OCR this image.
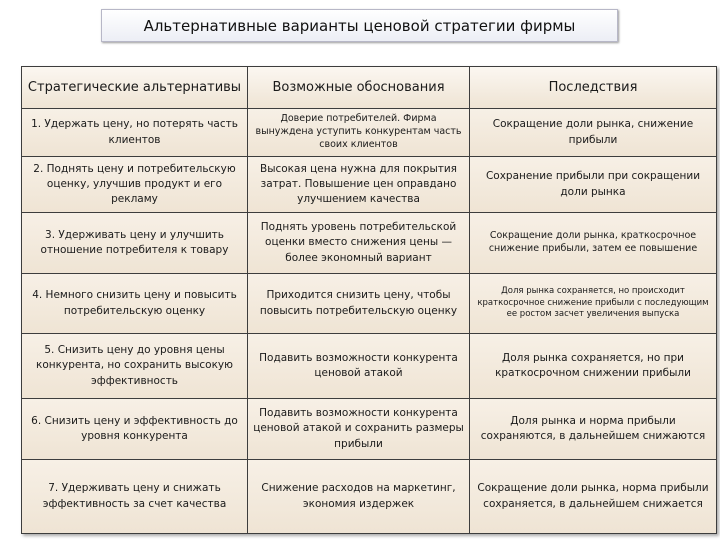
Альтернативные варианты ценовой стратегии фирмы
Стратегические альтернативы	Возможные обоснования	Последствия
1. Удержать цену, но потерять часть клиентов
Доверие потребителей. Фирма вынуждена уступить конкурентам часть своих клиентов
Сокращение доли рынка, снижение прибыли
2. Поднять цену и потребительскую оценку, улучшив продукт и его рекламу
Высокая цена нужна для покрытия затрат. Повышение цен оправдано улучшением качества
Сохранение прибыли при сокращении доли рынка
3. Удерживать цену и улучшить отношение потребителя к товару
Поднять уровень потребительской оценки вместо снижения цены — более экономный вариант
Сокращение доли рынка, краткосрочное снижение прибыли, затем ее повышение
4. Немного снизить цену и повысить потребительскую оценку
Приходится снизить цену, чтобы повысить потребительскую оценку
Доля рынка сохраняется, но происходит краткосрочное снижение прибыли с последующим ее ростом засчет увеличения выпуска
5. Снизить цену до уровня цены конкурента, но сохранить высокую эффективность
Подавить возможности конкурента ценовой атакой
Доля рынка сохраняется, но при краткосрочном снижении прибыли
6. Снизить цену и эффективность до уровня конкурента
Подавить возможности конкурента ценовой атакой и сохранить размеры прибыли
Доля рынка и норма прибыли сохраняются, в дальнейшем снижаются
7. Удерживать цену и снижать эффективность за счет качества
Снижение расходов на маркетинг, экономия издержек
Сокращение доли рынка, норма прибыли сохраняется, в дальнейшем снижается
